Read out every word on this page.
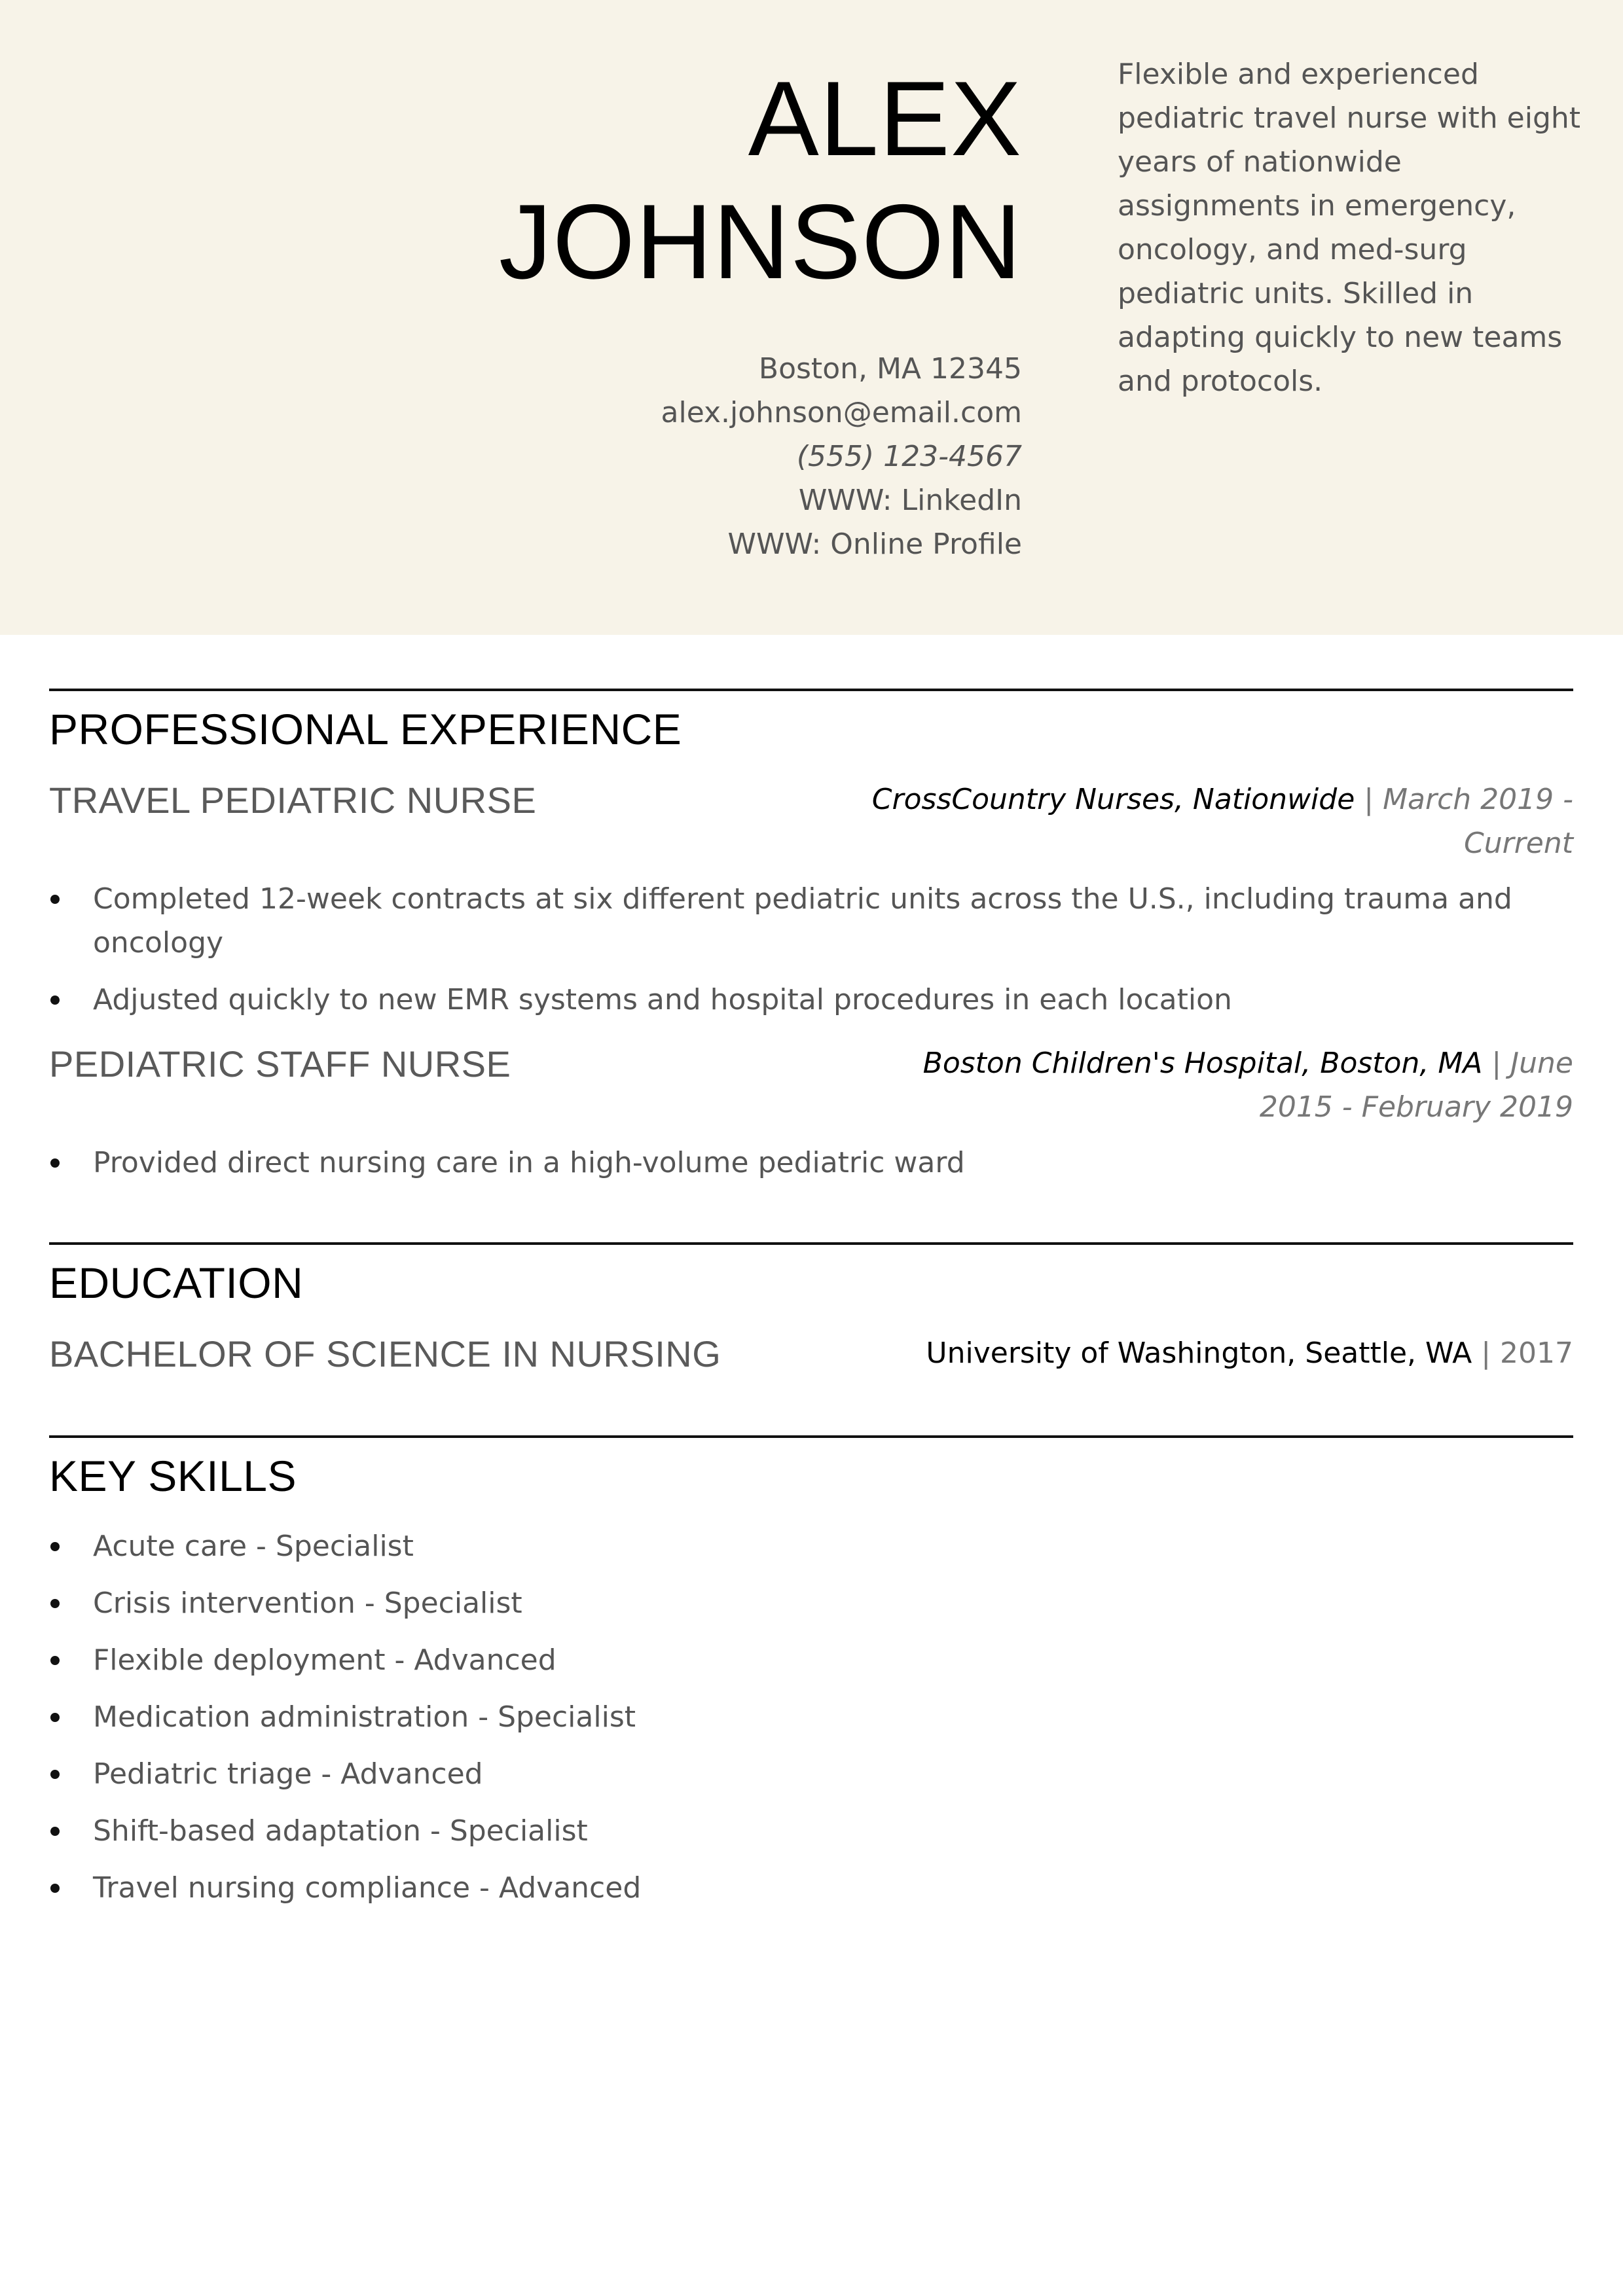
ALEX
JOHNSON
Boston, MA 12345
alex.johnson@email.com
(555) 123-4567
WWW: LinkedIn
WWW: Online Profile
Flexible and experienced pediatric travel nurse with eight years of nationwide assignments in emergency, oncology, and med-surg pediatric units. Skilled in adapting quickly to new teams and protocols.
PROFESSIONAL EXPERIENCE
TRAVEL PEDIATRIC NURSE	CrossCountry Nurses, Nationwide | March 2019 - Current
Completed 12-week contracts at six different pediatric units across the U.S., including trauma and oncology
Adjusted quickly to new EMR systems and hospital procedures in each location
PEDIATRIC STAFF NURSE	Boston Children's Hospital, Boston, MA | June 2015 - February 2019
Provided direct nursing care in a high-volume pediatric ward
EDUCATION
BACHELOR OF SCIENCE IN NURSING	University of Washington, Seattle, WA | 2017
KEY SKILLS
Acute care - Specialist
Crisis intervention - Specialist
Flexible deployment - Advanced
Medication administration - Specialist
Pediatric triage - Advanced
Shift-based adaptation - Specialist
Travel nursing compliance - Advanced
